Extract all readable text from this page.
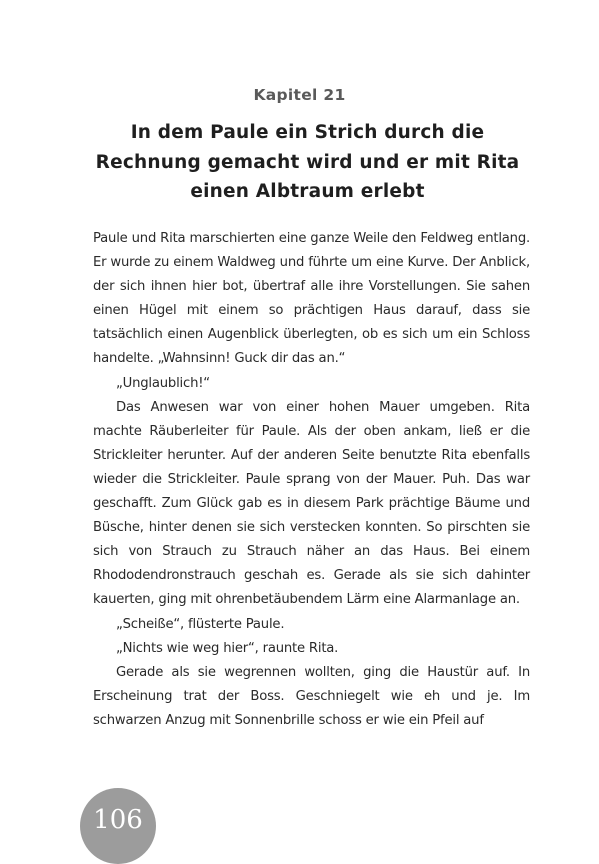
Kapitel 21
In dem Paule ein Strich durch die
Rechnung gemacht wird und er mit Rita
einen Albtraum erlebt

Paule und Rita marschierten eine ganze Weile den Feldweg entlang. Er wurde zu einem Waldweg und führte um eine Kurve. Der Anblick, der sich ihnen hier bot, übertraf alle ihre Vorstellungen. Sie sahen einen Hügel mit einem so prächtigen Haus darauf, dass sie tatsächlich einen Augenblick überlegten, ob es sich um ein Schloss handelte. „Wahnsinn! Guck dir das an.“

„Unglaublich!“

Das Anwesen war von einer hohen Mauer umgeben. Rita machte Räuberleiter für Paule. Als der oben ankam, ließ er die Strickleiter herunter. Auf der anderen Seite benutzte Rita ebenfalls wieder die Strickleiter. Paule sprang von der Mauer. Puh. Das war geschafft. Zum Glück gab es in diesem Park prächtige Bäume und Büsche, hinter denen sie sich verstecken konnten. So pirschten sie sich von Strauch zu Strauch näher an das Haus. Bei einem Rhododendronstrauch geschah es. Gerade als sie sich dahinter kauerten, ging mit ohrenbetäubendem Lärm eine Alarmanlage an.

„Scheiße“, flüsterte Paule.

„Nichts wie weg hier“, raunte Rita.

Gerade als sie wegrennen wollten, ging die Haustür auf. In Erscheinung trat der Boss. Geschniegelt wie eh und je. Im schwarzen Anzug mit Sonnenbrille schoss er wie ein Pfeil auf

106
